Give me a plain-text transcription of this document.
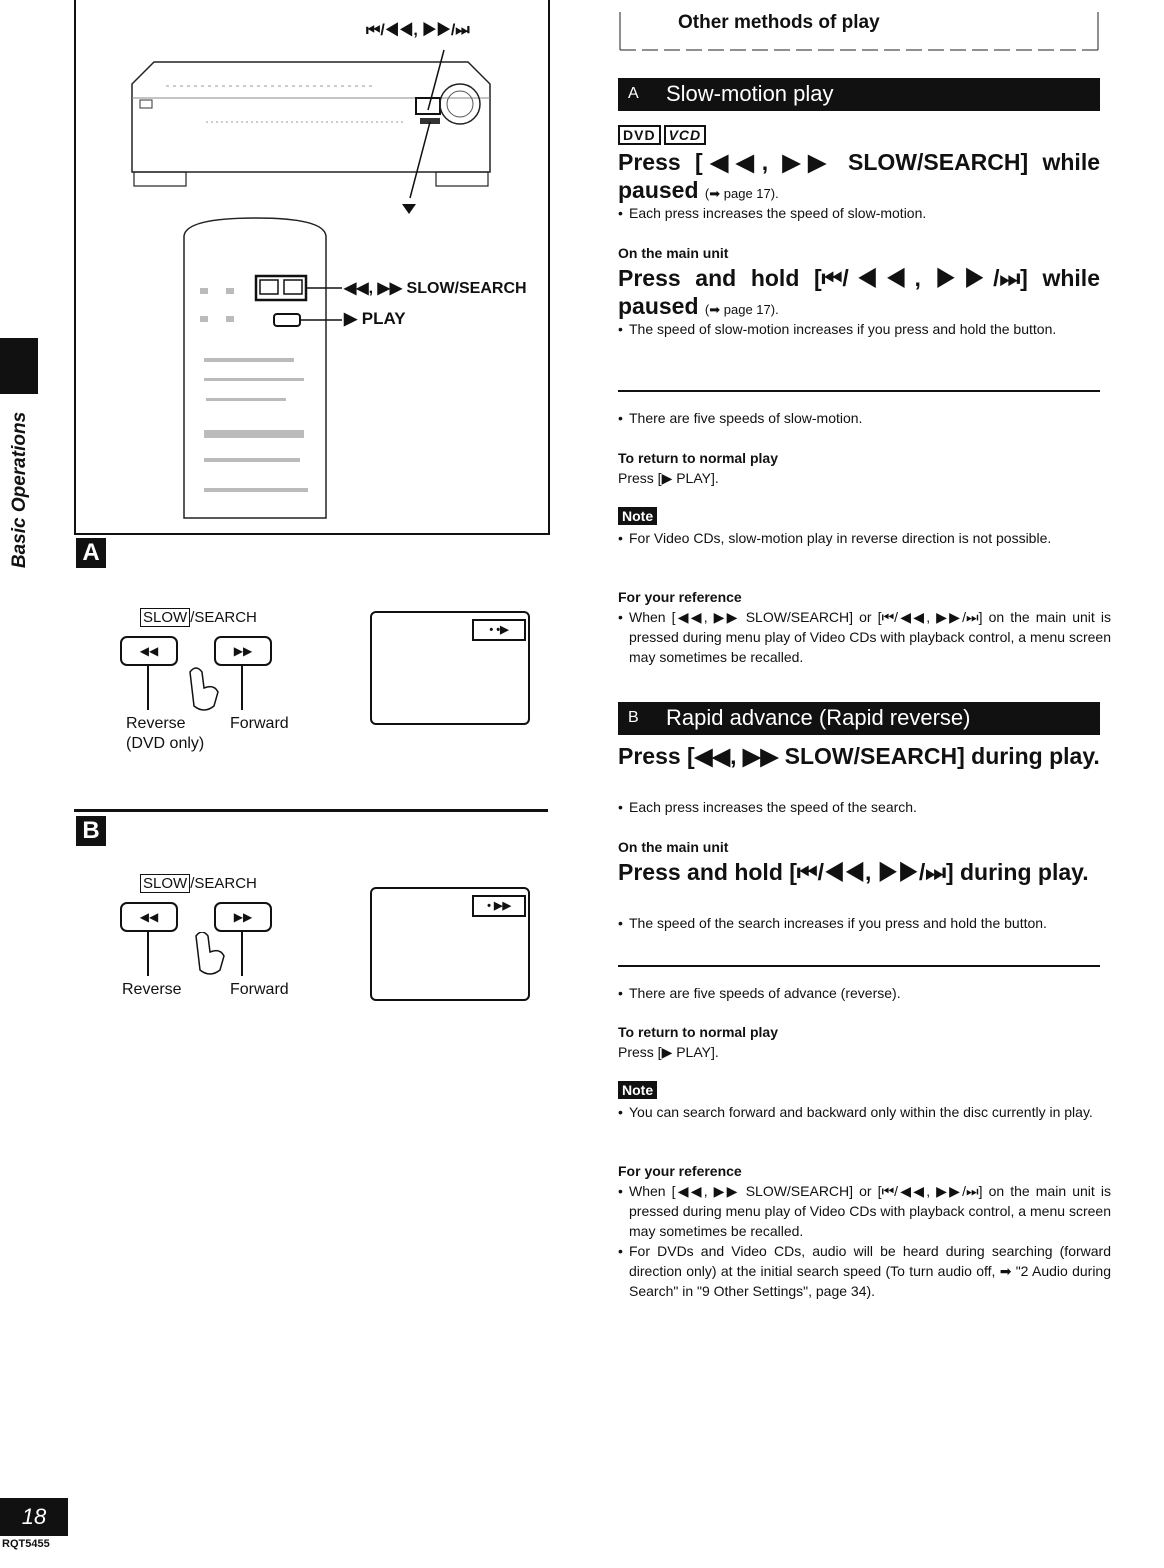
Basic Operations
⏮/◀◀, ▶▶/⏭
◀◀, ▶▶ SLOW/SEARCH
▶ PLAY
A
SLOW /SEARCH
◀◀	▶▶
Reverse
(DVD only)
Forward
• •▶
B
SLOW /SEARCH
◀◀	▶▶
Reverse	Forward
• ▶▶
Other methods of play
A Slow-motion play
DVD VCD
Press [◀◀, ▶▶ SLOW/SEARCH] while paused (➡ page 17).
• Each press increases the speed of slow-motion.
On the main unit
Press and hold [⏮/◀◀, ▶▶/⏭] while paused (➡ page 17).
• The speed of slow-motion increases if you press and hold the button.
• There are five speeds of slow-motion.
To return to normal play
Press [▶ PLAY].
Note
• For Video CDs, slow-motion play in reverse direction is not possible.
For your reference
• When [◀◀, ▶▶ SLOW/SEARCH] or [⏮/◀◀, ▶▶/⏭] on the main unit is pressed during menu play of Video CDs with playback control, a menu screen may sometimes be recalled.
B Rapid advance (Rapid reverse)
Press [◀◀, ▶▶ SLOW/SEARCH] during play.
• Each press increases the speed of the search.
On the main unit
Press and hold [⏮/◀◀, ▶▶/⏭] during play.
• The speed of the search increases if you press and hold the button.
• There are five speeds of advance (reverse).
To return to normal play
Press [▶ PLAY].
Note
• You can search forward and backward only within the disc currently in play.
For your reference
• When [◀◀, ▶▶ SLOW/SEARCH] or [⏮/◀◀, ▶▶/⏭] on the main unit is pressed during menu play of Video CDs with playback control, a menu screen may sometimes be recalled.
• For DVDs and Video CDs, audio will be heard during searching (forward direction only) at the initial search speed (To turn audio off, ➡ "2 Audio during Search" in "9 Other Settings", page 34).
18
RQT5455
